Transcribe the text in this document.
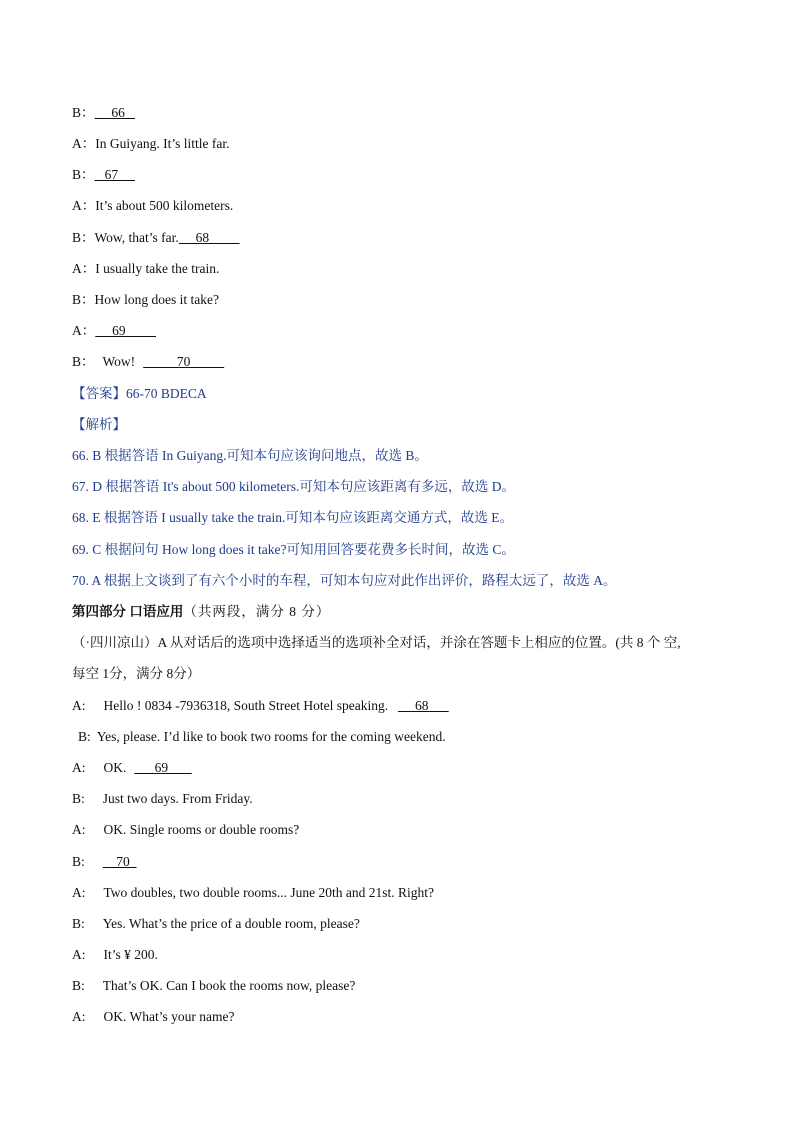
B：     66
A：In Guiyang. It’s little far.
B：   67
A：It’s about 500 kilometers.
B：Wow, that’s far.     68
A：I usually take the train.
B：How long does it take?
A：     69
B： Wow!          70
【答案】66-70 BDECA
【解析】
66. B 根据答语 In Guiyang.可知本句应该询问地点，故选 B。
67. D 根据答语 It's about 500 kilometers.可知本句应该距离有多远，故选 D。
68. E 根据答语 I usually take the train.可知本句应该距离交通方式，故选 E。
69. C 根据问句 How long does it take?可知用回答要花费多长时间，故选 C。
70. A 根据上文谈到了有六个小时的车程，可知本句应对此作出评价，路程太远了，故选 A。
第四部分 口语应用（共两段，满分 8 分）
（·四川凉山）A 从对话后的选项中选择适当的选项补全对话，并涂在答题卡上相应的位置。(共 8 个 空,
每空 1分，满分 8分）
A: Hello ! 0834 -7936318, South Street Hotel speaking.     68
B: Yes, please. I’d like to book two rooms for the coming weekend.
A: OK.      69
B: Just two days. From Friday.
A: OK. Single rooms or double rooms?
B:    70
A: Two doubles, two double rooms... June 20th and 21st. Right?
B: Yes. What’s the price of a double room, please?
A: It’s ¥ 200.
B: That’s OK. Can I book the rooms now, please?
A: OK. What’s your name?
